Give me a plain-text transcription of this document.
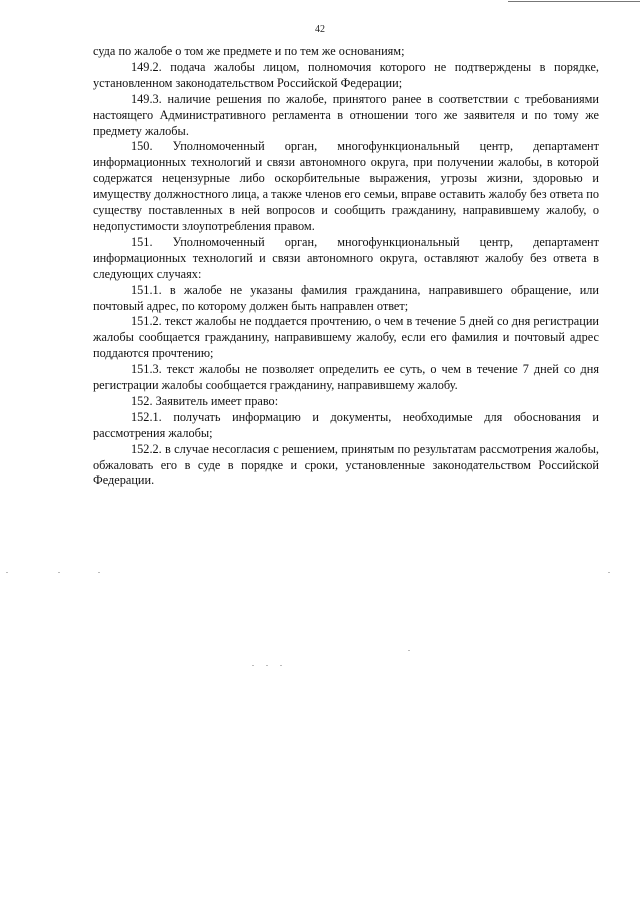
42

суда по жалобе о том же предмете и по тем же основаниям;

149.2. подача жалобы лицом, полномочия которого не подтверждены в порядке, установленном законодательством Российской Федерации;

149.3. наличие решения по жалобе, принятого ранее в соответствии с требованиями настоящего Административного регламента в отношении того же заявителя и по тому же предмету жалобы.

150. Уполномоченный орган, многофункциональный центр, департамент информационных технологий и связи автономного округа, при получении жалобы, в которой содержатся нецензурные либо оскорбительные выражения, угрозы жизни, здоровью и имуществу должностного лица, а также членов его семьи, вправе оставить жалобу без ответа по существу поставленных в ней вопросов и сообщить гражданину, направившему жалобу, о недопустимости злоупотребления правом.

151. Уполномоченный орган, многофункциональный центр, департамент информационных технологий и связи автономного округа, оставляют жалобу без ответа в следующих случаях:

151.1. в жалобе не указаны фамилия гражданина, направившего обращение, или почтовый адрес, по которому должен быть направлен ответ;

151.2. текст жалобы не поддается прочтению, о чем в течение 5 дней со дня регистрации жалобы сообщается гражданину, направившему жалобу, если его фамилия и почтовый адрес поддаются прочтению;

151.3. текст жалобы не позволяет определить ее суть, о чем в течение 7 дней со дня регистрации жалобы сообщается гражданину, направившему жалобу.

152. Заявитель имеет право:

152.1. получать информацию и документы, необходимые для обоснования и рассмотрения жалобы;

152.2. в случае несогласия с решением, принятым по результатам рассмотрения жалобы, обжаловать его в суде в порядке и сроки, установленные законодательством Российской Федерации.
